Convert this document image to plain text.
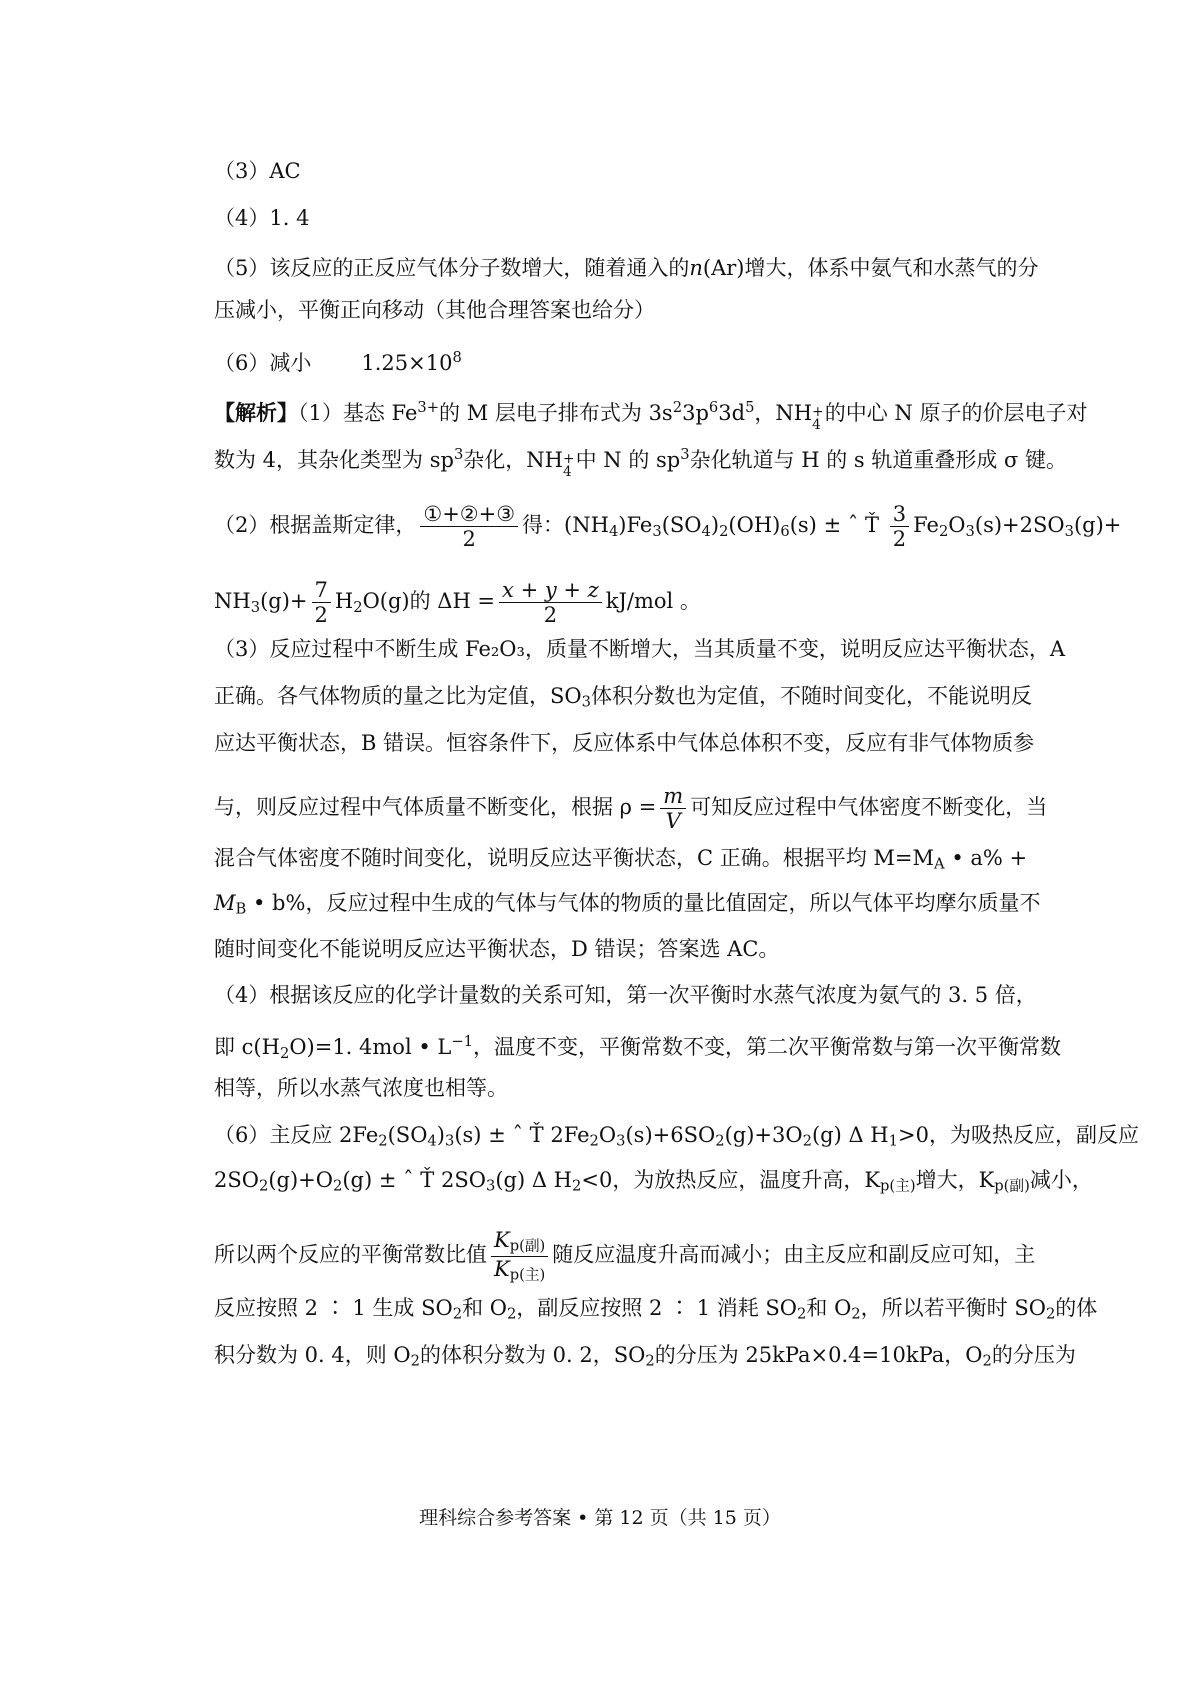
（3）AC
（4）1. 4
（5）该反应的正反应气体分子数增大，随着通入的n(Ar)增大，体系中氨气和水蒸气的分
压减小，平衡正向移动（其他合理答案也给分）
（6）减小 $1.25\times 10^8$
【解析】（1）基态 $Fe^{3+}$的 M 层电子排布式为 $3s^23p^63d^5$，NH +
4
的中心 N 原子的价层电子对
数为 4，其杂化类型为 $sp^3$杂化，NH +
4
中 N 的 $sp^3$杂化轨道与 H 的 s 轨道重叠形成 σ 键。
（2）根据盖斯定律， $\frac{\text{①+②+③}}{2}$ 得：$(NH_4)Fe_3(SO_4)_2(OH)_6(s)$ ± ˆ Ť $\frac{3}{2} Fe_2O_3(s)+2SO_3(g)+$
$NH_3(g)+ \frac{7}{2} H_2O(g)$的 $\Delta H = \frac{x + y + z}{2} kJ/mol$ 。
（3）反应过程中不断生成 Fe₂O₃，质量不断增大，当其质量不变，说明反应达平衡状态，A
正确。各气体物质的量之比为定值，$SO_3$体积分数也为定值，不随时间变化，不能说明反
应达平衡状态，B 错误。恒容条件下，反应体系中气体总体积不变，反应有非气体物质参
与，则反应过程中气体质量不断变化，根据 $\rho = \frac{m}{V}$ 可知反应过程中气体密度不断变化，当
混合气体密度不随时间变化，说明反应达平衡状态，C 正确。根据平均 $M=M_A$ • a% +
$M_B$ • b%，反应过程中生成的气体与气体的物质的量比值固定，所以气体平均摩尔质量不
随时间变化不能说明反应达平衡状态，D 错误；答案选 AC。
（4）根据该反应的化学计量数的关系可知，第一次平衡时水蒸气浓度为氨气的 3. 5 倍，
即 $c(H_2O)=1$. 4mol • $L^{-1}$，温度不变，平衡常数不变，第二次平衡常数与第一次平衡常数
相等，所以水蒸气浓度也相等。
（6）主反应 $2Fe_2(SO_4)_3(s)$ ± ˆ Ť $2Fe_2O_3(s)+6SO_2(g)+3O_2(g)$ Δ $H_1>0$，为吸热反应，副反应
$2SO_2(g)+O_2(g)$ ± ˆ Ť $2SO_3(g)$ Δ $H_2<0$，为放热反应，温度升高，$K_{p(主)}$增大，$K_{p(副)}$减小，
所以两个反应的平衡常数比值 $\frac{K_{p(副)}}{K_{p(主)}}$ 随反应温度升高而减小；由主反应和副反应可知，主
反应按照 2 ∶ 1 生成 $SO_2$和 $O_2$，副反应按照 2 ∶ 1 消耗 $SO_2$和 $O_2$，所以若平衡时 $SO_2$的体
积分数为 0. 4，则 $O_2$的体积分数为 0. 2，$SO_2$的分压为 25kPa×0.4=10kPa，$O_2$的分压为
理科综合参考答案 • 第 12 页（共 15 页）
